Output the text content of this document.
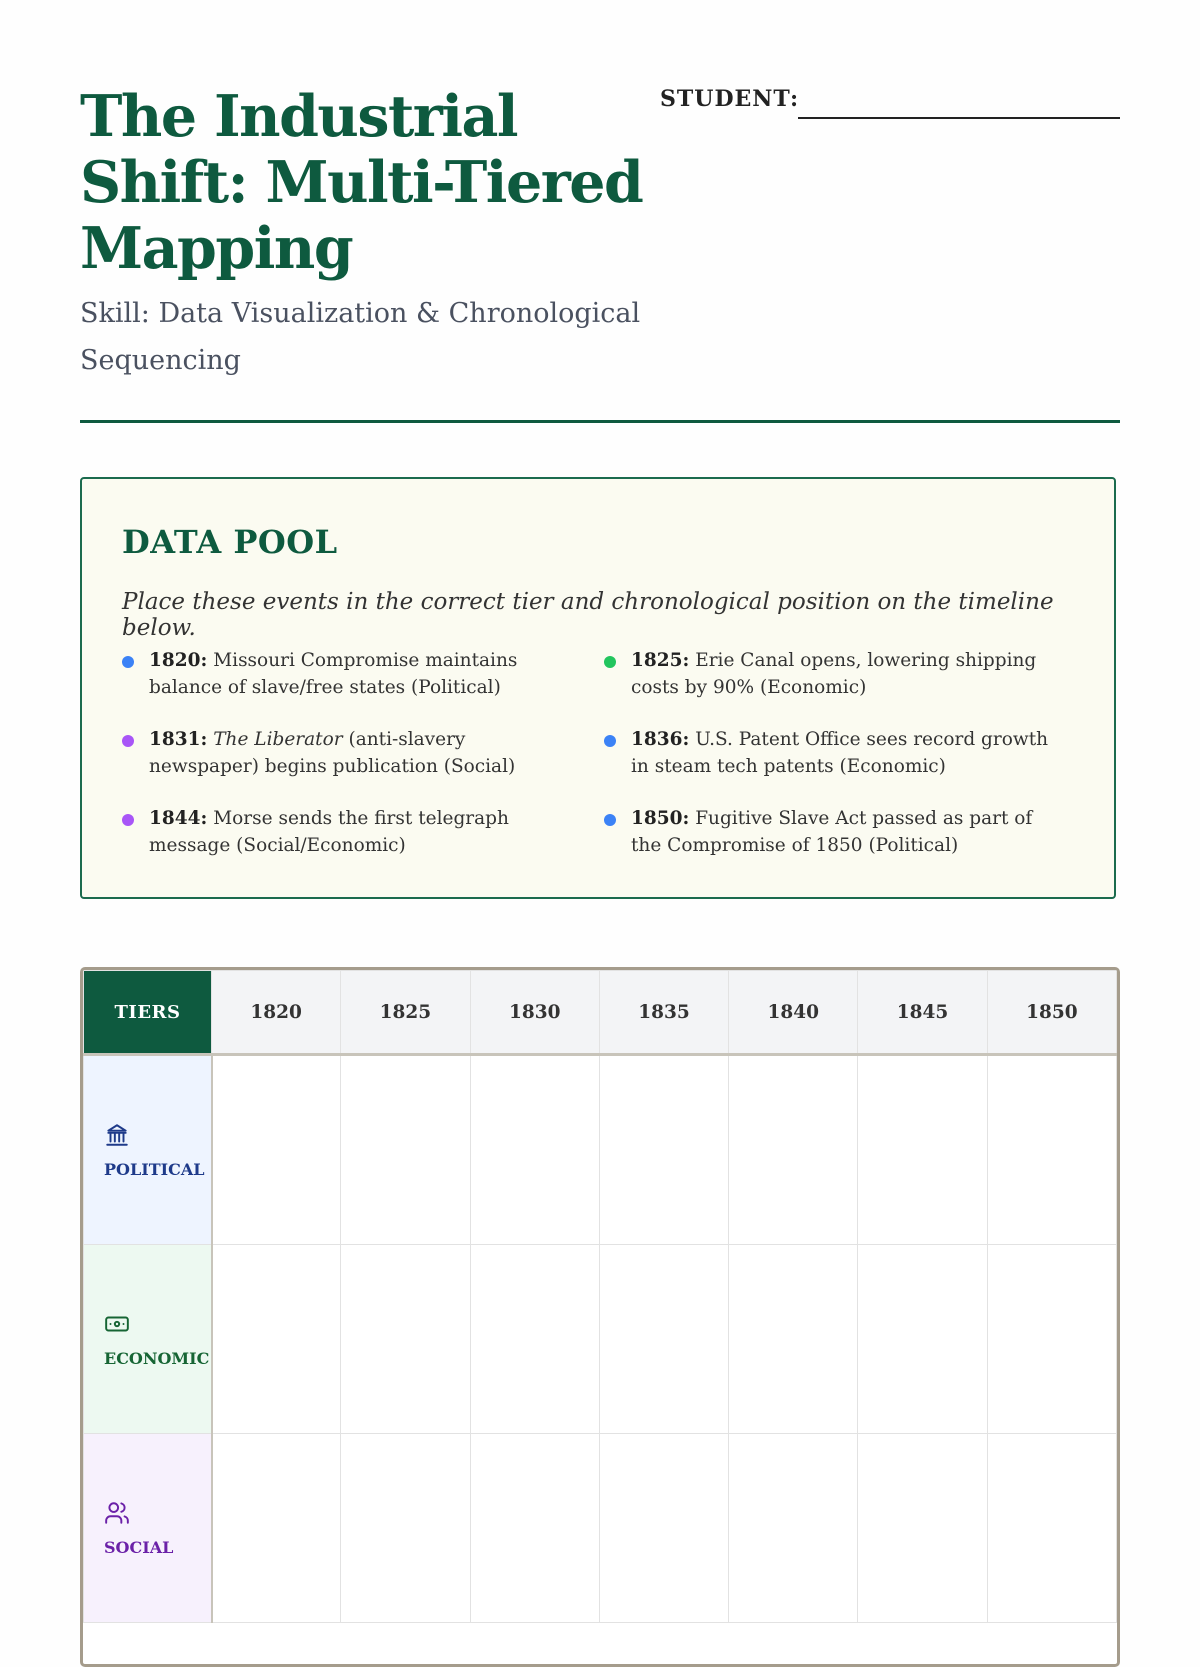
The Industrial Shift: Multi-Tiered Mapping

Skill: Data Visualization & Chronological Sequencing

STUDENT:
DATA POOL

Place these events in the correct tier and chronological position on the timeline below.

1820: Missouri Compromise maintains balance of slave/free states (Political)
1825: Erie Canal opens, lowering shipping costs by 90% (Economic)
1831: The Liberator (anti-slavery newspaper) begins publication (Social)
1836: U.S. Patent Office sees record growth in steam tech patents (Economic)
1844: Morse sends the first telegraph message (Social/Economic)
1850: Fugitive Slave Act passed as part of the Compromise of 1850 (Political)
TIERS	1820	1825	1830	1835	1840	1845	1850

POLITICAL							

ECONOMIC							

SOCIAL							
